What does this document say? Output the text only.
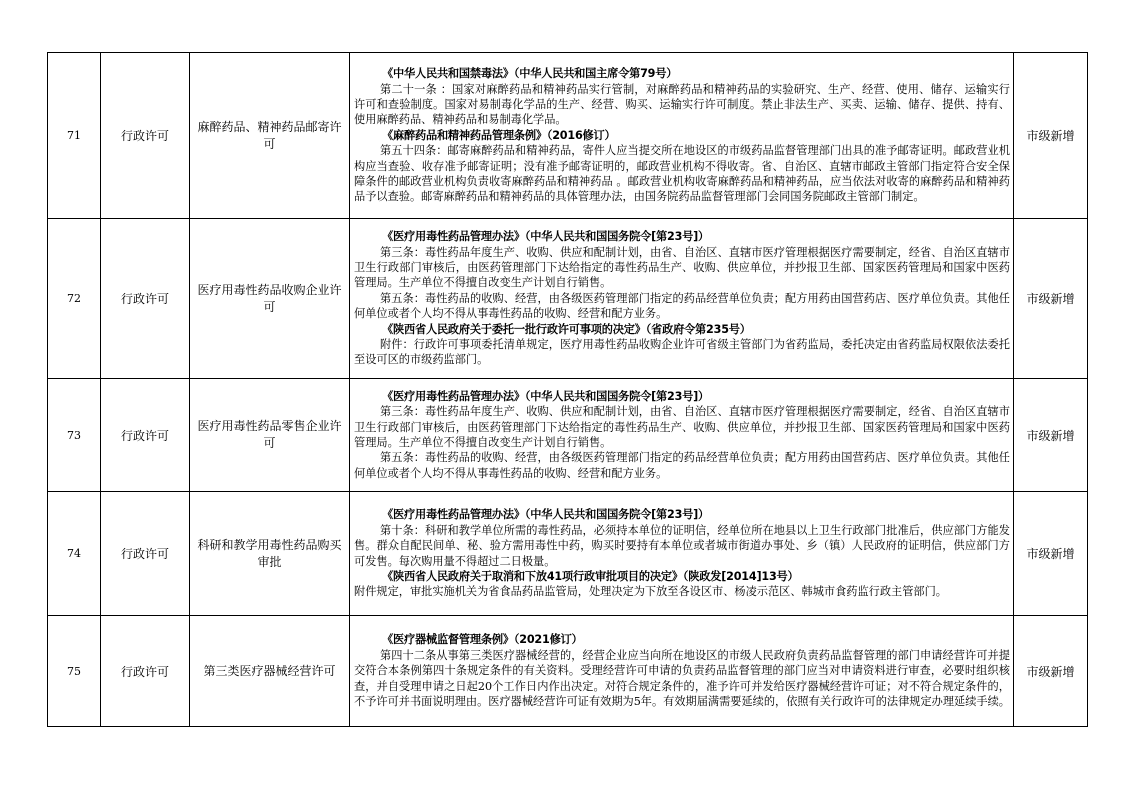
71	行政许可	麻醉药品、精神药品邮寄许可	《中华人民共和国禁毒法》（中华人民共和国主席令第79号）
第二十一条 ：国家对麻醉药品和精神药品实行管制，对麻醉药品和精神药品的实验研究、生产、经营、使用、储存、运输实行许可和查验制度。国家对易制毒化学品的生产、经营、购买、运输实行许可制度。禁止非法生产、买卖、运输、储存、提供、持有、使用麻醉药品、精神药品和易制毒化学品。
《麻醉药品和精神药品管理条例》（2016修订）
第五十四条：邮寄麻醉药品和精神药品，寄件人应当提交所在地设区的市级药品监督管理部门出具的准予邮寄证明。邮政营业机构应当查验、收存准予邮寄证明；没有准予邮寄证明的，邮政营业机构不得收寄。省、自治区、直辖市邮政主管部门指定符合安全保障条件的邮政营业机构负责收寄麻醉药品和精神药品 。邮政营业机构收寄麻醉药品和精神药品，应当依法对收寄的麻醉药品和精神药品予以查验。邮寄麻醉药品和精神药品的具体管理办法，由国务院药品监督管理部门会同国务院邮政主管部门制定。	市级新增
72	行政许可	医疗用毒性药品收购企业许可	《医疗用毒性药品管理办法》（中华人民共和国国务院令[第23号]）
第三条：毒性药品年度生产、收购、供应和配制计划，由省、自治区、直辖市医疗管理根据医疗需要制定，经省、自治区直辖市卫生行政部门审核后，由医药管理部门下达给指定的毒性药品生产、收购、供应单位，并抄报卫生部、国家医药管理局和国家中医药管理局。生产单位不得擅自改变生产计划自行销售。
第五条：毒性药品的收购、经营，由各级医药管理部门指定的药品经营单位负责；配方用药由国营药店、医疗单位负责。其他任何单位或者个人均不得从事毒性药品的收购、经营和配方业务。
《陕西省人民政府关于委托一批行政许可事项的决定》（省政府令第235号）
附件：行政许可事项委托清单规定，医疗用毒性药品收购企业许可省级主管部门为省药监局，委托决定由省药监局权限依法委托至设可区的市级药监部门。	市级新增
73	行政许可	医疗用毒性药品零售企业许可	《医疗用毒性药品管理办法》（中华人民共和国国务院令[第23号]）
第三条：毒性药品年度生产、收购、供应和配制计划，由省、自治区、直辖市医疗管理根据医疗需要制定，经省、自治区直辖市卫生行政部门审核后，由医药管理部门下达给指定的毒性药品生产、收购、供应单位，并抄报卫生部、国家医药管理局和国家中医药管理局。生产单位不得擅自改变生产计划自行销售。
第五条：毒性药品的收购、经营，由各级医药管理部门指定的药品经营单位负责；配方用药由国营药店、医疗单位负责。其他任何单位或者个人均不得从事毒性药品的收购、经营和配方业务。	市级新增
74	行政许可	科研和教学用毒性药品购买审批	《医疗用毒性药品管理办法》（中华人民共和国国务院令[第23号]）
第十条：科研和教学单位所需的毒性药品，必须持本单位的证明信，经单位所在地县以上卫生行政部门批准后，供应部门方能发售。群众自配民间单、秘、验方需用毒性中药，购买时要持有本单位或者城市街道办事处、乡（镇）人民政府的证明信，供应部门方可发售。每次购用量不得超过二日极量。
《陕西省人民政府关于取消和下放41项行政审批项目的决定》（陕政发[2014]13号）
附件规定，审批实施机关为省食品药品监管局，处理决定为下放至各设区市、杨凌示范区、韩城市食药监行政主管部门。	市级新增
75	行政许可	第三类医疗器械经营许可	《医疗器械监督管理条例》（2021修订）
第四十二条从事第三类医疗器械经营的，经营企业应当向所在地设区的市级人民政府负责药品监督管理的部门申请经营许可并提交符合本条例第四十条规定条件的有关资料。受理经营许可申请的负责药品监督管理的部门应当对申请资料进行审查，必要时组织核查，并自受理申请之日起20个工作日内作出决定。对符合规定条件的，准予许可并发给医疗器械经营许可证；对不符合规定条件的，不予许可并书面说明理由。医疗器械经营许可证有效期为5年。有效期届满需要延续的，依照有关行政许可的法律规定办理延续手续。	市级新增
